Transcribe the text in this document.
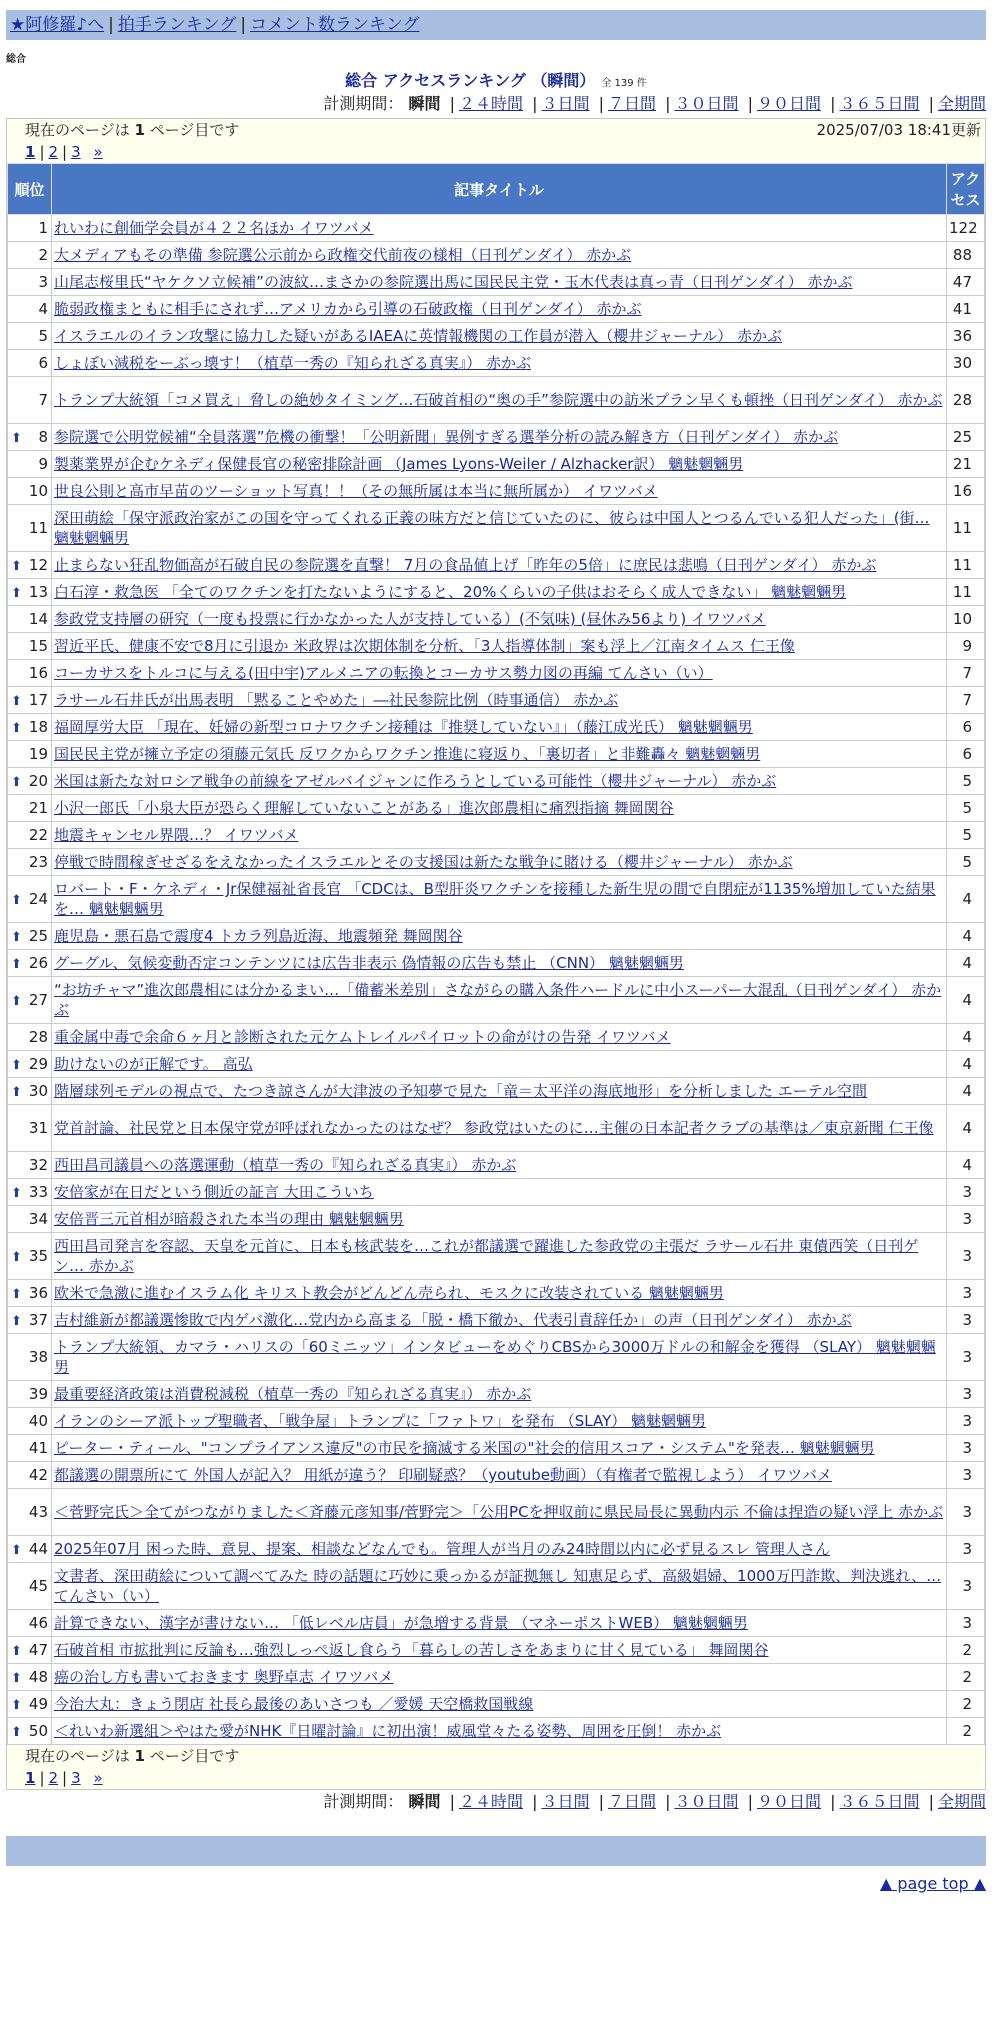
★阿修羅♪へ | 拍手ランキング | コメント数ランキング
総合
総合 アクセスランキング （瞬間） 全 139 件
計測期間： 瞬間 | ２４時間 | ３日間 | ７日間 | ３０日間 | ９０日間 | ３６５日間 | 全期間
現在のページは 1 ページ目です	2025/07/03 18:41更新
1 | 2 | 3 »
順位	記事タイトル	アクセス
1	れいわに創価学会員が４２２名ほか イワツバメ	122
2	大メディアもその準備 参院選公示前から政権交代前夜の様相（日刊ゲンダイ） 赤かぶ	88
3	山尾志桜里氏“ヤケクソ立候補”の波紋…まさかの参院選出馬に国民民主党・玉木代表は真っ青（日刊ゲンダイ） 赤かぶ	47
4	脆弱政権まともに相手にされず…アメリカから引導の石破政権（日刊ゲンダイ） 赤かぶ	41
5	イスラエルのイラン攻撃に協力した疑いがあるIAEAに英情報機関の工作員が潜入（櫻井ジャーナル） 赤かぶ	36
6	しょぼい減税をーぶっ壊す！（植草一秀の『知られざる真実』） 赤かぶ	30
7	トランプ大統領「コメ買え」脅しの絶妙タイミング…石破首相の“奥の手”参院選中の訪米プラン早くも頓挫（日刊ゲンダイ） 赤かぶ	28

⬆ 8	参院選で公明党候補“全員落選”危機の衝撃！「公明新聞」異例すぎる選挙分析の読み解き方（日刊ゲンダイ） 赤かぶ	25
9	製薬業界が企むケネディ保健長官の秘密排除計画 （James Lyons-Weiler / Alzhacker訳） 魑魅魍魎男	21
10	世良公則と高市早苗のツーショット写真！！（その無所属は本当に無所属か） イワツバメ	16
11	深田萌絵「保守派政治家がこの国を守ってくれる正義の味方だと信じていたのに、彼らは中国人とつるんでいる犯人だった」(街… 魑魅魍魎男	11

⬆ 12	止まらない狂乱物価高が石破自民の参院選を直撃！ 7月の食品値上げ「昨年の5倍」に庶民は悲鳴（日刊ゲンダイ） 赤かぶ	11

⬆ 13	白石淳・救急医 「全てのワクチンを打たないようにすると、20%くらいの子供はおそらく成人できない」 魑魅魍魎男	11
14	参政党支持層の研究（一度も投票に行かなかった人が支持している）(不気味) (昼休み56より) イワツバメ	10
15	習近平氏、健康不安で8月に引退か 米政界は次期体制を分析、「3人指導体制」案も浮上／江南タイムス 仁王像	9
16	コーカサスをトルコに与える(田中宇)アルメニアの転換とコーカサス勢力図の再編 てんさい（い）	7

⬆ 17	ラサール石井氏が出馬表明 「黙ることやめた」―社民参院比例（時事通信） 赤かぶ	7

⬆ 18	福岡厚労大臣 「現在、妊婦の新型コロナワクチン接種は『推奨していない』」（藤江成光氏） 魑魅魍魎男	6
19	国民民主党が擁立予定の須藤元気氏 反ワクからワクチン推進に寝返り、「裏切者」と非難轟々 魑魅魍魎男	6

⬆ 20	米国は新たな対ロシア戦争の前線をアゼルバイジャンに作ろうとしている可能性（櫻井ジャーナル） 赤かぶ	5
21	小沢一郎氏「小泉大臣が恐らく理解していないことがある」進次郎農相に痛烈指摘 舞岡関谷	5
22	地震キャンセル界隈…？ イワツバメ	5
23	停戦で時間稼ぎせざるをえなかったイスラエルとその支援国は新たな戦争に賭ける（櫻井ジャーナル） 赤かぶ	5

⬆ 24	ロバート・F・ケネディ・Jr保健福祉省長官 「CDCは、B型肝炎ワクチンを接種した新生児の間で自閉症が1135%増加していた結果を… 魑魅魍魎男	4

⬆ 25	鹿児島・悪石島で震度4 トカラ列島近海、地震頻発 舞岡関谷	4

⬆ 26	グーグル、気候変動否定コンテンツには広告非表示 偽情報の広告も禁止 （CNN） 魑魅魍魎男	4

⬆ 27	“お坊チャマ”進次郎農相には分かるまい…「備蓄米差別」さながらの購入条件ハードルに中小スーパー大混乱（日刊ゲンダイ） 赤かぶ	4
28	重金属中毒で余命６ヶ月と診断された元ケムトレイルパイロットの命がけの告発 イワツバメ	4

⬆ 29	助けないのが正解です。 高弘	4

⬆ 30	階層球列モデルの視点で、たつき諒さんが大津波の予知夢で見た「竜＝太平洋の海底地形」を分析しました エーテル空間	4
31	党首討論、社民党と日本保守党が呼ばれなかったのはなぜ？ 参政党はいたのに…主催の日本記者クラブの基準は／東京新聞 仁王像	4
32	西田昌司議員への落選運動（植草一秀の『知られざる真実』） 赤かぶ	4

⬆ 33	安倍家が在日だという側近の証言 大田こういち	3
34	安倍晋三元首相が暗殺された本当の理由 魑魅魍魎男	3

⬆ 35	西田昌司発言を容認、天皇を元首に、日本も核武装を…これが都議選で躍進した参政党の主張だ ラサール石井 東債西笑（日刊ゲン… 赤かぶ	3

⬆ 36	欧米で急激に進むイスラム化 キリスト教会がどんどん売られ、モスクに改装されている 魑魅魍魎男	3

⬆ 37	吉村維新が都議選惨敗で内ゲバ激化…党内から高まる「脱・橋下徹か、代表引責辞任か」の声（日刊ゲンダイ） 赤かぶ	3
38	トランプ大統領、カマラ・ハリスの「60ミニッツ」インタビューをめぐりCBSから3000万ドルの和解金を獲得 （SLAY） 魑魅魍魎男	3
39	最重要経済政策は消費税減税（植草一秀の『知られざる真実』） 赤かぶ	3
40	イランのシーア派トップ聖職者、「戦争屋」トランプに「ファトワ」を発布 （SLAY） 魑魅魍魎男	3
41	ピーター・ティール、"コンプライアンス違反"の市民を摘滅する米国の"社会的信用スコア・システム"を発表… 魑魅魍魎男	3
42	都議選の開票所にて 外国人が記入？ 用紙が違う？ 印刷疑惑？（youtube動画）（有権者で監視しよう） イワツバメ	3
43	＜菅野完氏＞全てがつながりました＜斉藤元彦知事/菅野完＞「公用PCを押収前に県民局長に異動内示 不倫は捏造の疑い浮上 赤かぶ	3

⬆ 44	2025年07月 困った時、意見、提案、相談などなんでも。管理人が当月のみ24時間以内に必ず見るスレ 管理人さん	3
45	文書者、深田萌絵について調べてみた 時の話題に巧妙に乗っかるが証拠無し 知恵足らず、高級娼婦、1000万円詐欺、判決逃れ、… てんさい（い）	3
46	計算できない、漢字が書けない… 「低レベル店員」が急増する背景 （マネーポストWEB） 魑魅魍魎男	3

⬆ 47	石破首相 市拡批判に反論も…強烈しっぺ返し食らう「暮らしの苦しさをあまりに甘く見ている」 舞岡関谷	2

⬆ 48	癌の治し方も書いておきます 奥野卓志 イワツバメ	2

⬆ 49	今治大丸：きょう閉店 社長ら最後のあいさつも ／愛媛 天空橋救国戦線	2

⬆ 50	＜れいわ新選組＞やはた愛がNHK『日曜討論』に初出演！威風堂々たる姿勢、周囲を圧倒！ 赤かぶ	2
現在のページは 1 ページ目です
1 | 2 | 3 »
計測期間： 瞬間 | ２４時間 | ３日間 | ７日間 | ３０日間 | ９０日間 | ３６５日間 | 全期間
▲ page top ▲
